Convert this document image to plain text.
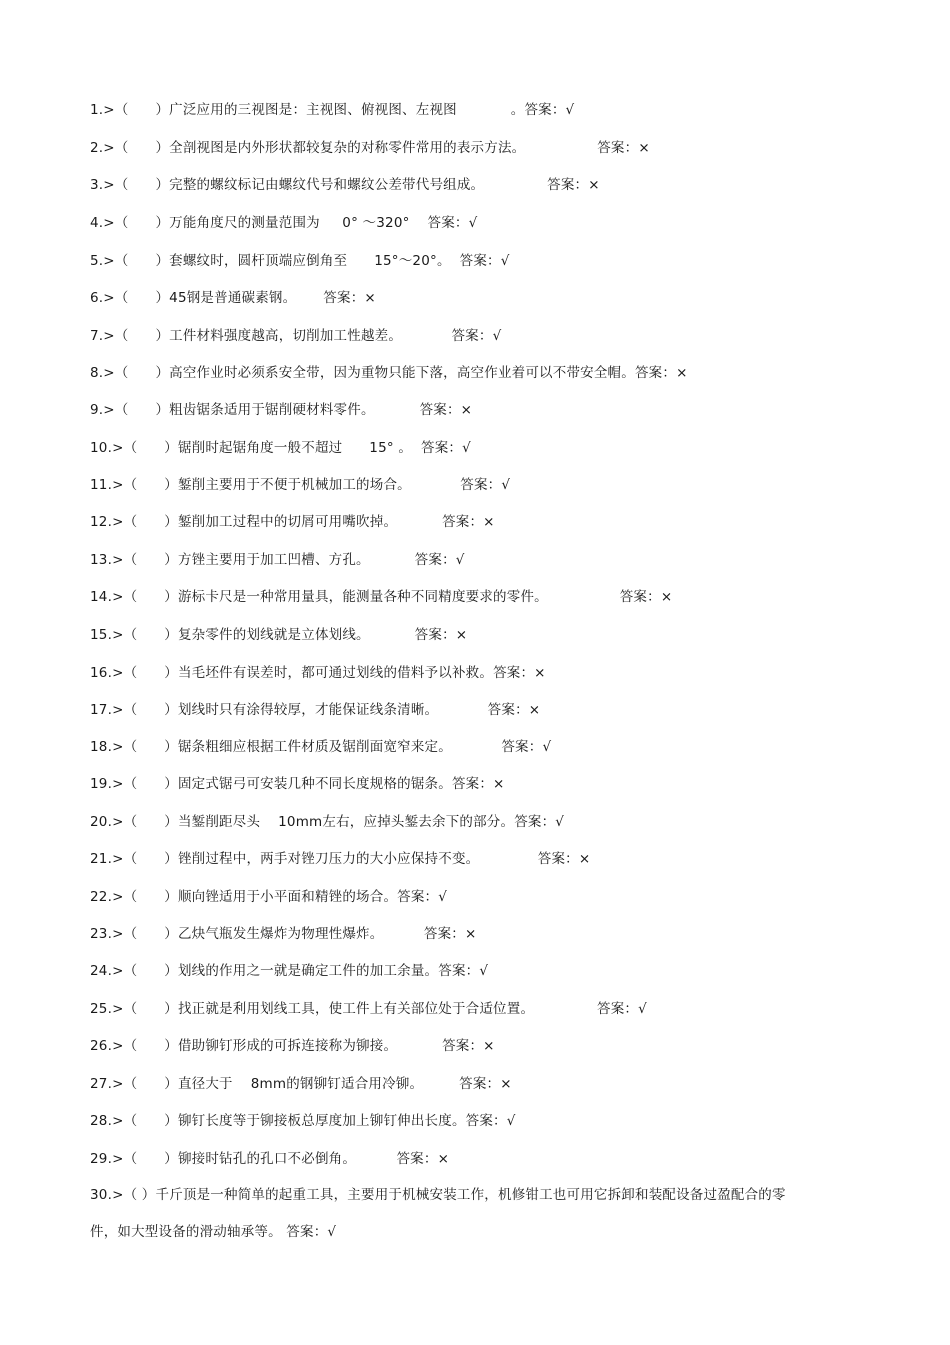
1.>（      ）广泛应用的三视图是：主视图、俯视图、左视图            。答案：√
2.>（      ）全剖视图是内外形状都较复杂的对称零件常用的表示方法。                答案：×
3.>（      ）完整的螺纹标记由螺纹代号和螺纹公差带代号组成。              答案：×
4.>（      ）万能角度尺的测量范围为     0° ～320°    答案：√
5.>（      ）套螺纹时，圆杆顶端应倒角至      15°～20°。  答案：√
6.>（      ）45钢是普通碳素钢。      答案：×
7.>（      ）工件材料强度越高，切削加工性越差。           答案：√
8.>（      ）高空作业时必须系安全带，因为重物只能下落，高空作业着可以不带安全帽。答案：×
9.>（      ）粗齿锯条适用于锯削硬材料零件。          答案：×
10.>（      ）锯削时起锯角度一般不超过      15° 。  答案：√
11.>（      ）錾削主要用于不便于机械加工的场合。           答案：√
12.>（      ）錾削加工过程中的切屑可用嘴吹掉。          答案：×
13.>（      ）方锉主要用于加工凹槽、方孔。          答案：√
14.>（      ）游标卡尺是一种常用量具，能测量各种不同精度要求的零件。                答案：×
15.>（      ）复杂零件的划线就是立体划线。          答案：×
16.>（      ）当毛坯件有误差时，都可通过划线的借料予以补救。答案：×
17.>（      ）划线时只有涂得较厚，才能保证线条清晰。           答案：×
18.>（      ）锯条粗细应根据工件材质及锯削面宽窄来定。           答案：√
19.>（      ）固定式锯弓可安装几种不同长度规格的锯条。答案：×
20.>（      ）当錾削距尽头    10mm左右，应掉头錾去余下的部分。答案：√
21.>（      ）锉削过程中，两手对锉刀压力的大小应保持不变。             答案：×
22.>（      ）顺向锉适用于小平面和精锉的场合。答案：√
23.>（      ）乙炔气瓶发生爆炸为物理性爆炸。         答案：×
24.>（      ）划线的作用之一就是确定工件的加工余量。答案：√
25.>（      ）找正就是利用划线工具，使工件上有关部位处于合适位置。              答案：√
26.>（      ）借助铆钉形成的可拆连接称为铆接。          答案：×
27.>（      ）直径大于    8mm的钢铆钉适合用冷铆。        答案：×
28.>（      ）铆钉长度等于铆接板总厚度加上铆钉伸出长度。答案：√
29.>（      ）铆接时钻孔的孔口不必倒角。         答案：×
30.>（ ）千斤顶是一种简单的起重工具，主要用于机械安装工作，机修钳工也可用它拆卸和装配设备过盈配合的零件，如大型设备的滑动轴承等。 答案：√
